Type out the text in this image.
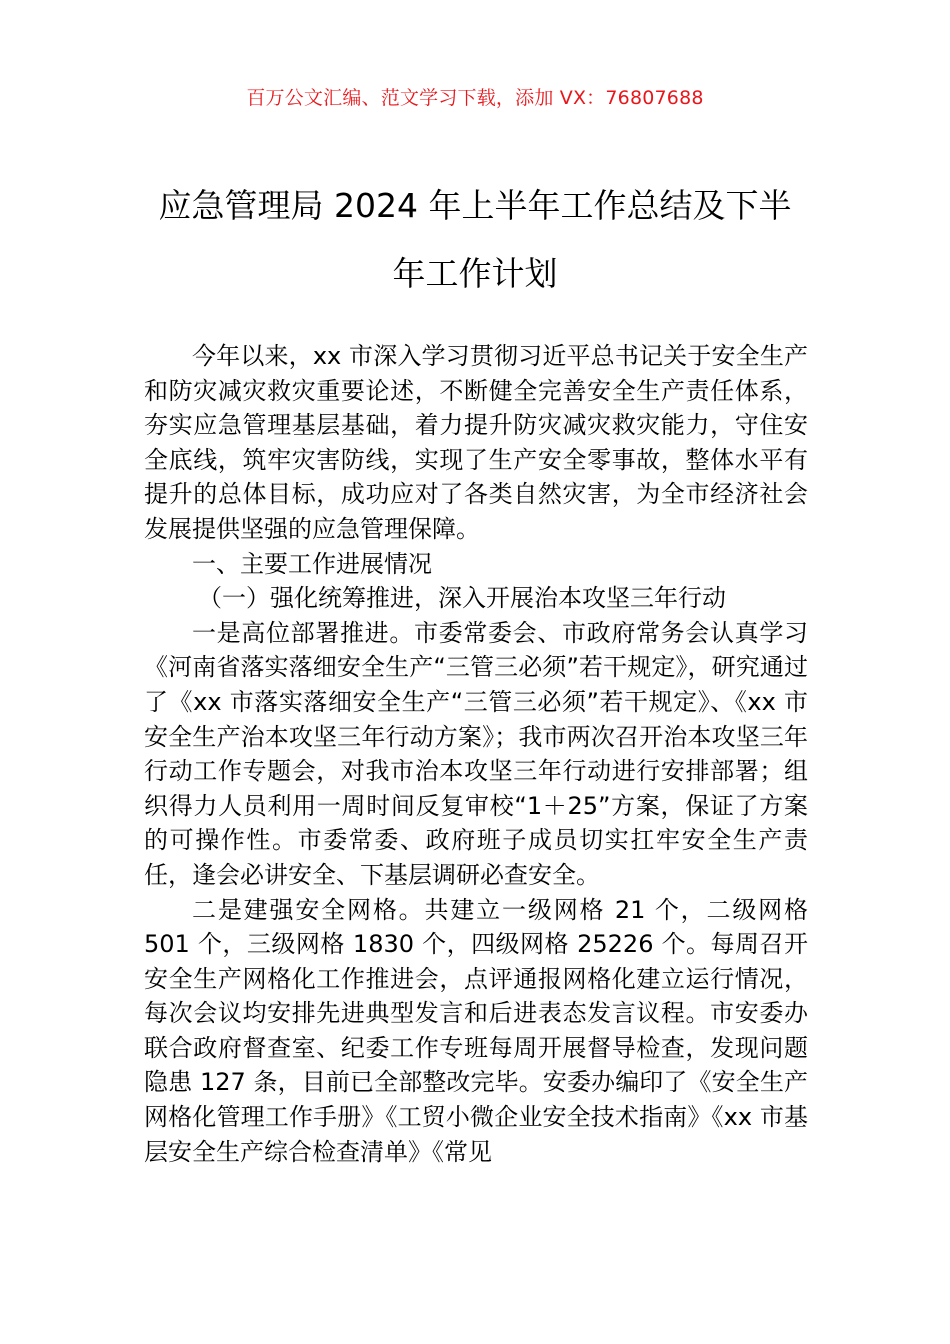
百万公文汇编、范文学习下载，添加 VX：76807688
应急管理局 2024 年上半年工作总结及下半
年工作计划

今年以来，xx 市深入学习贯彻习近平总书记关于安全生产和防灾减灾救灾重要论述，不断健全完善安全生产责任体系，夯实应急管理基层基础，着力提升防灾减灾救灾能力，守住安全底线，筑牢灾害防线，实现了生产安全零事故，整体水平有提升的总体目标，成功应对了各类自然灾害，为全市经济社会发展提供坚强的应急管理保障。

一、主要工作进展情况

（一）强化统筹推进，深入开展治本攻坚三年行动

一是高位部署推进。市委常委会、市政府常务会认真学习《河南省落实落细安全生产“三管三必须”若干规定》，研究通过了《xx 市落实落细安全生产“三管三必须”若干规定》、《xx 市安全生产治本攻坚三年行动方案》；我市两次召开治本攻坚三年行动工作专题会，对我市治本攻坚三年行动进行安排部署；组织得力人员利用一周时间反复审校“1＋25”方案，保证了方案的可操作性。市委常委、政府班子成员切实扛牢安全生产责任，逢会必讲安全、下基层调研必查安全。

二是建强安全网格。共建立一级网格 21 个，二级网格 501 个，三级网格 1830 个，四级网格 25226 个。每周召开安全生产网格化工作推进会，点评通报网格化建立运行情况，每次会议均安排先进典型发言和后进表态发言议程。市安委办联合政府督查室、纪委工作专班每周开展督导检查，发现问题隐患 127 条，目前已全部整改完毕。安委办编印了《安全生产网格化管理工作手册》《工贸小微企业安全技术指南》《xx 市基层安全生产综合检查清单》《常见
